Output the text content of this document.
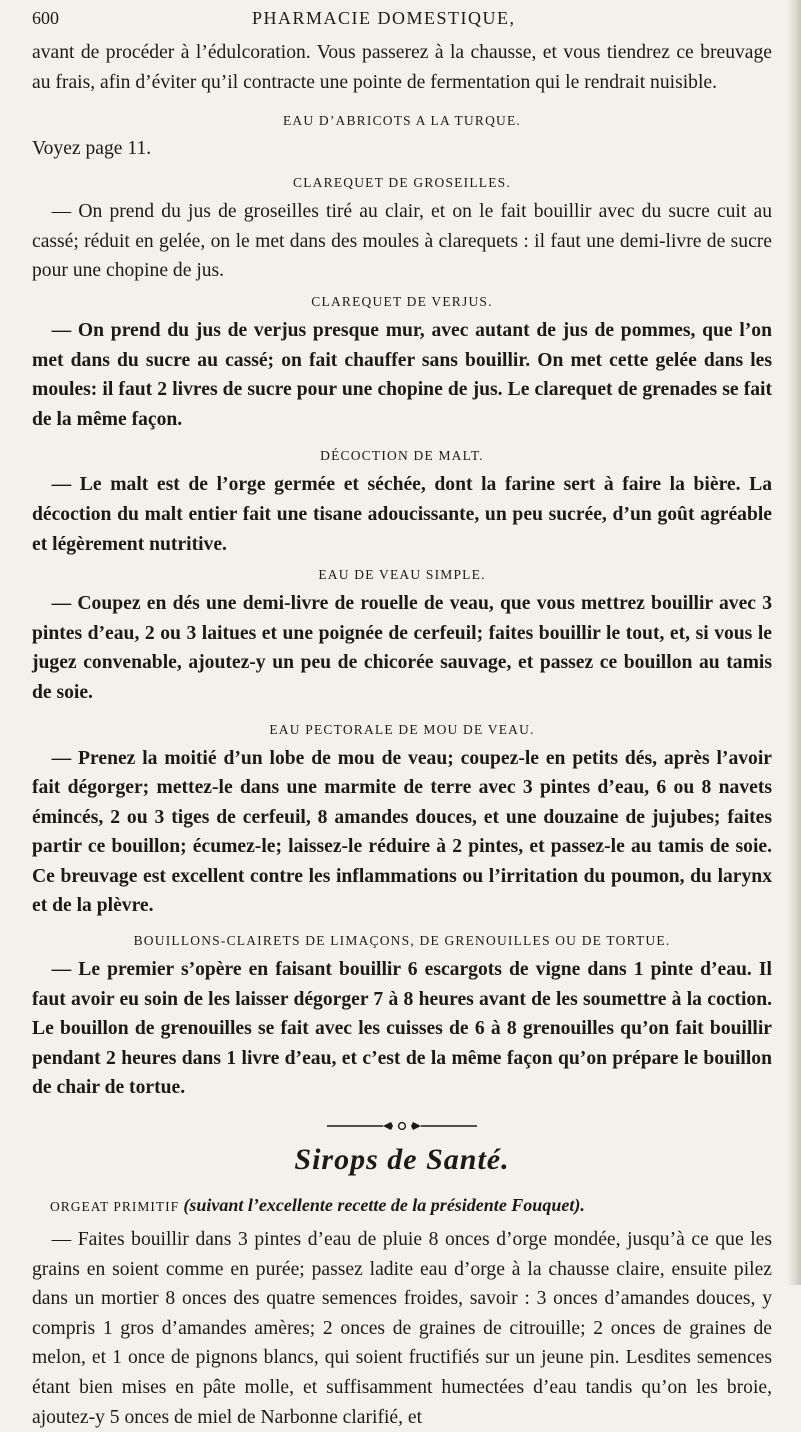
600	PHARMACIE DOMESTIQUE,

avant de procéder à l’édulcoration. Vous passerez à la chausse, et vous tiendrez ce breuvage au frais, afin d’éviter qu’il contracte une pointe de fermentation qui le rendrait nuisible.

EAU D’ABRICOTS A LA TURQUE.

Voyez page 11.

CLAREQUET DE GROSEILLES.

— On prend du jus de groseilles tiré au clair, et on le fait bouillir avec du sucre cuit au cassé; réduit en gelée, on le met dans des moules à clarequets : il faut une demi-livre de sucre pour une chopine de jus.

CLAREQUET DE VERJUS.

— On prend du jus de verjus presque mur, avec autant de jus de pommes, que l’on met dans du sucre au cassé; on fait chauffer sans bouillir. On met cette gelée dans les moules: il faut 2 livres de sucre pour une chopine de jus. Le clarequet de grenades se fait de la même façon.

DÉCOCTION DE MALT.

— Le malt est de l’orge germée et séchée, dont la farine sert à faire la bière. La décoction du malt entier fait une tisane adoucissante, un peu sucrée, d’un goût agréable et légèrement nutritive.

EAU DE VEAU SIMPLE.

— Coupez en dés une demi-livre de rouelle de veau, que vous mettrez bouillir avec 3 pintes d’eau, 2 ou 3 laitues et une poignée de cerfeuil; faites bouillir le tout, et, si vous le jugez convenable, ajoutez-y un peu de chicorée sauvage, et passez ce bouillon au tamis de soie.

EAU PECTORALE DE MOU DE VEAU.

— Prenez la moitié d’un lobe de mou de veau; coupez-le en petits dés, après l’avoir fait dégorger; mettez-le dans une marmite de terre avec 3 pintes d’eau, 6 ou 8 navets émincés, 2 ou 3 tiges de cerfeuil, 8 amandes douces, et une douzaine de jujubes; faites partir ce bouillon; écumez-le; laissez-le réduire à 2 pintes, et passez-le au tamis de soie. Ce breuvage est excellent contre les inflammations ou l’irritation du poumon, du larynx et de la plèvre.

BOUILLONS-CLAIRETS DE LIMAÇONS, DE GRENOUILLES OU DE TORTUE.

— Le premier s’opère en faisant bouillir 6 escargots de vigne dans 1 pinte d’eau. Il faut avoir eu soin de les laisser dégorger 7 à 8 heures avant de les soumettre à la coction. Le bouillon de grenouilles se fait avec les cuisses de 6 à 8 grenouilles qu’on fait bouillir pendant 2 heures dans 1 livre d’eau, et c’est de la même façon qu’on prépare le bouillon de chair de tortue.

Sirops de Santé.

ORGEAT PRIMITIF (suivant l’excellente recette de la présidente Fouquet).

— Faites bouillir dans 3 pintes d’eau de pluie 8 onces d’orge mondée, jusqu’à ce que les grains en soient comme en purée; passez ladite eau d’orge à la chausse claire, ensuite pilez dans un mortier 8 onces des quatre semences froides, savoir : 3 onces d’amandes douces, y compris 1 gros d’amandes amères; 2 onces de graines de citrouille; 2 onces de graines de melon, et 1 once de pignons blancs, qui soient fructifiés sur un jeune pin. Lesdites semences étant bien mises en pâte molle, et suffisamment humectées d’eau tandis qu’on les broie, ajoutez-y 5 onces de miel de Narbonne clarifié, et
